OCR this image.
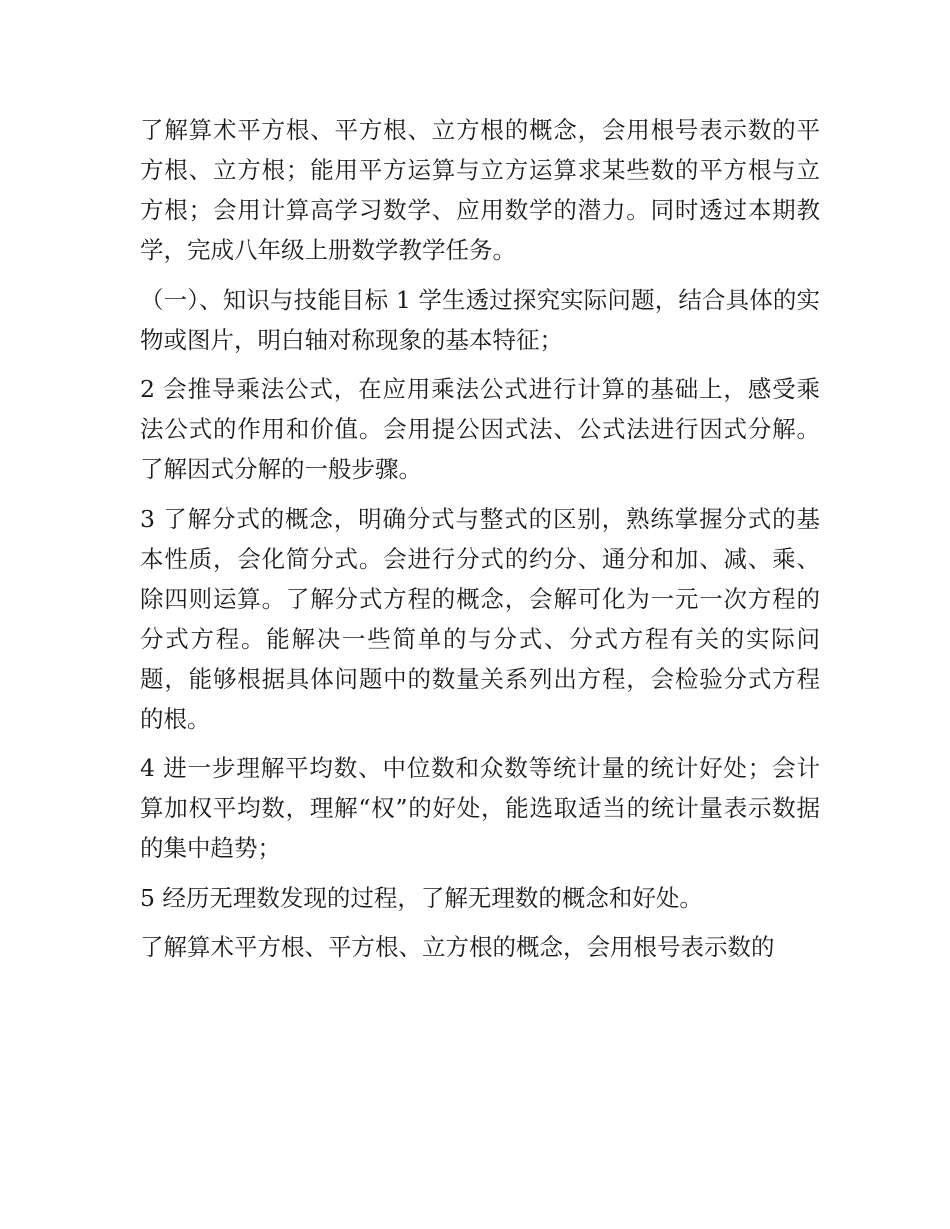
了解算术平方根、平方根、立方根的概念，会用根号表示数的平方根、立方根；能用平方运算与立方运算求某些数的平方根与立方根；会用计算高学习数学、应用数学的潜力。同时透过本期教学，完成八年级上册数学教学任务。

（一）、知识与技能目标 1 学生透过探究实际问题，结合具体的实物或图片，明白轴对称现象的基本特征；

2 会推导乘法公式，在应用乘法公式进行计算的基础上，感受乘法公式的作用和价值。会用提公因式法、公式法进行因式分解。了解因式分解的一般步骤。

3 了解分式的概念，明确分式与整式的区别，熟练掌握分式的基本性质，会化简分式。会进行分式的约分、通分和加、减、乘、除四则运算。了解分式方程的概念，会解可化为一元一次方程的分式方程。能解决一些简单的与分式、分式方程有关的实际问题，能够根据具体问题中的数量关系列出方程，会检验分式方程的根。

4 进一步理解平均数、中位数和众数等统计量的统计好处；会计算加权平均数，理解“权”的好处，能选取适当的统计量表示数据的集中趋势；

5 经历无理数发现的过程，了解无理数的概念和好处。

了解算术平方根、平方根、立方根的概念，会用根号表示数的
